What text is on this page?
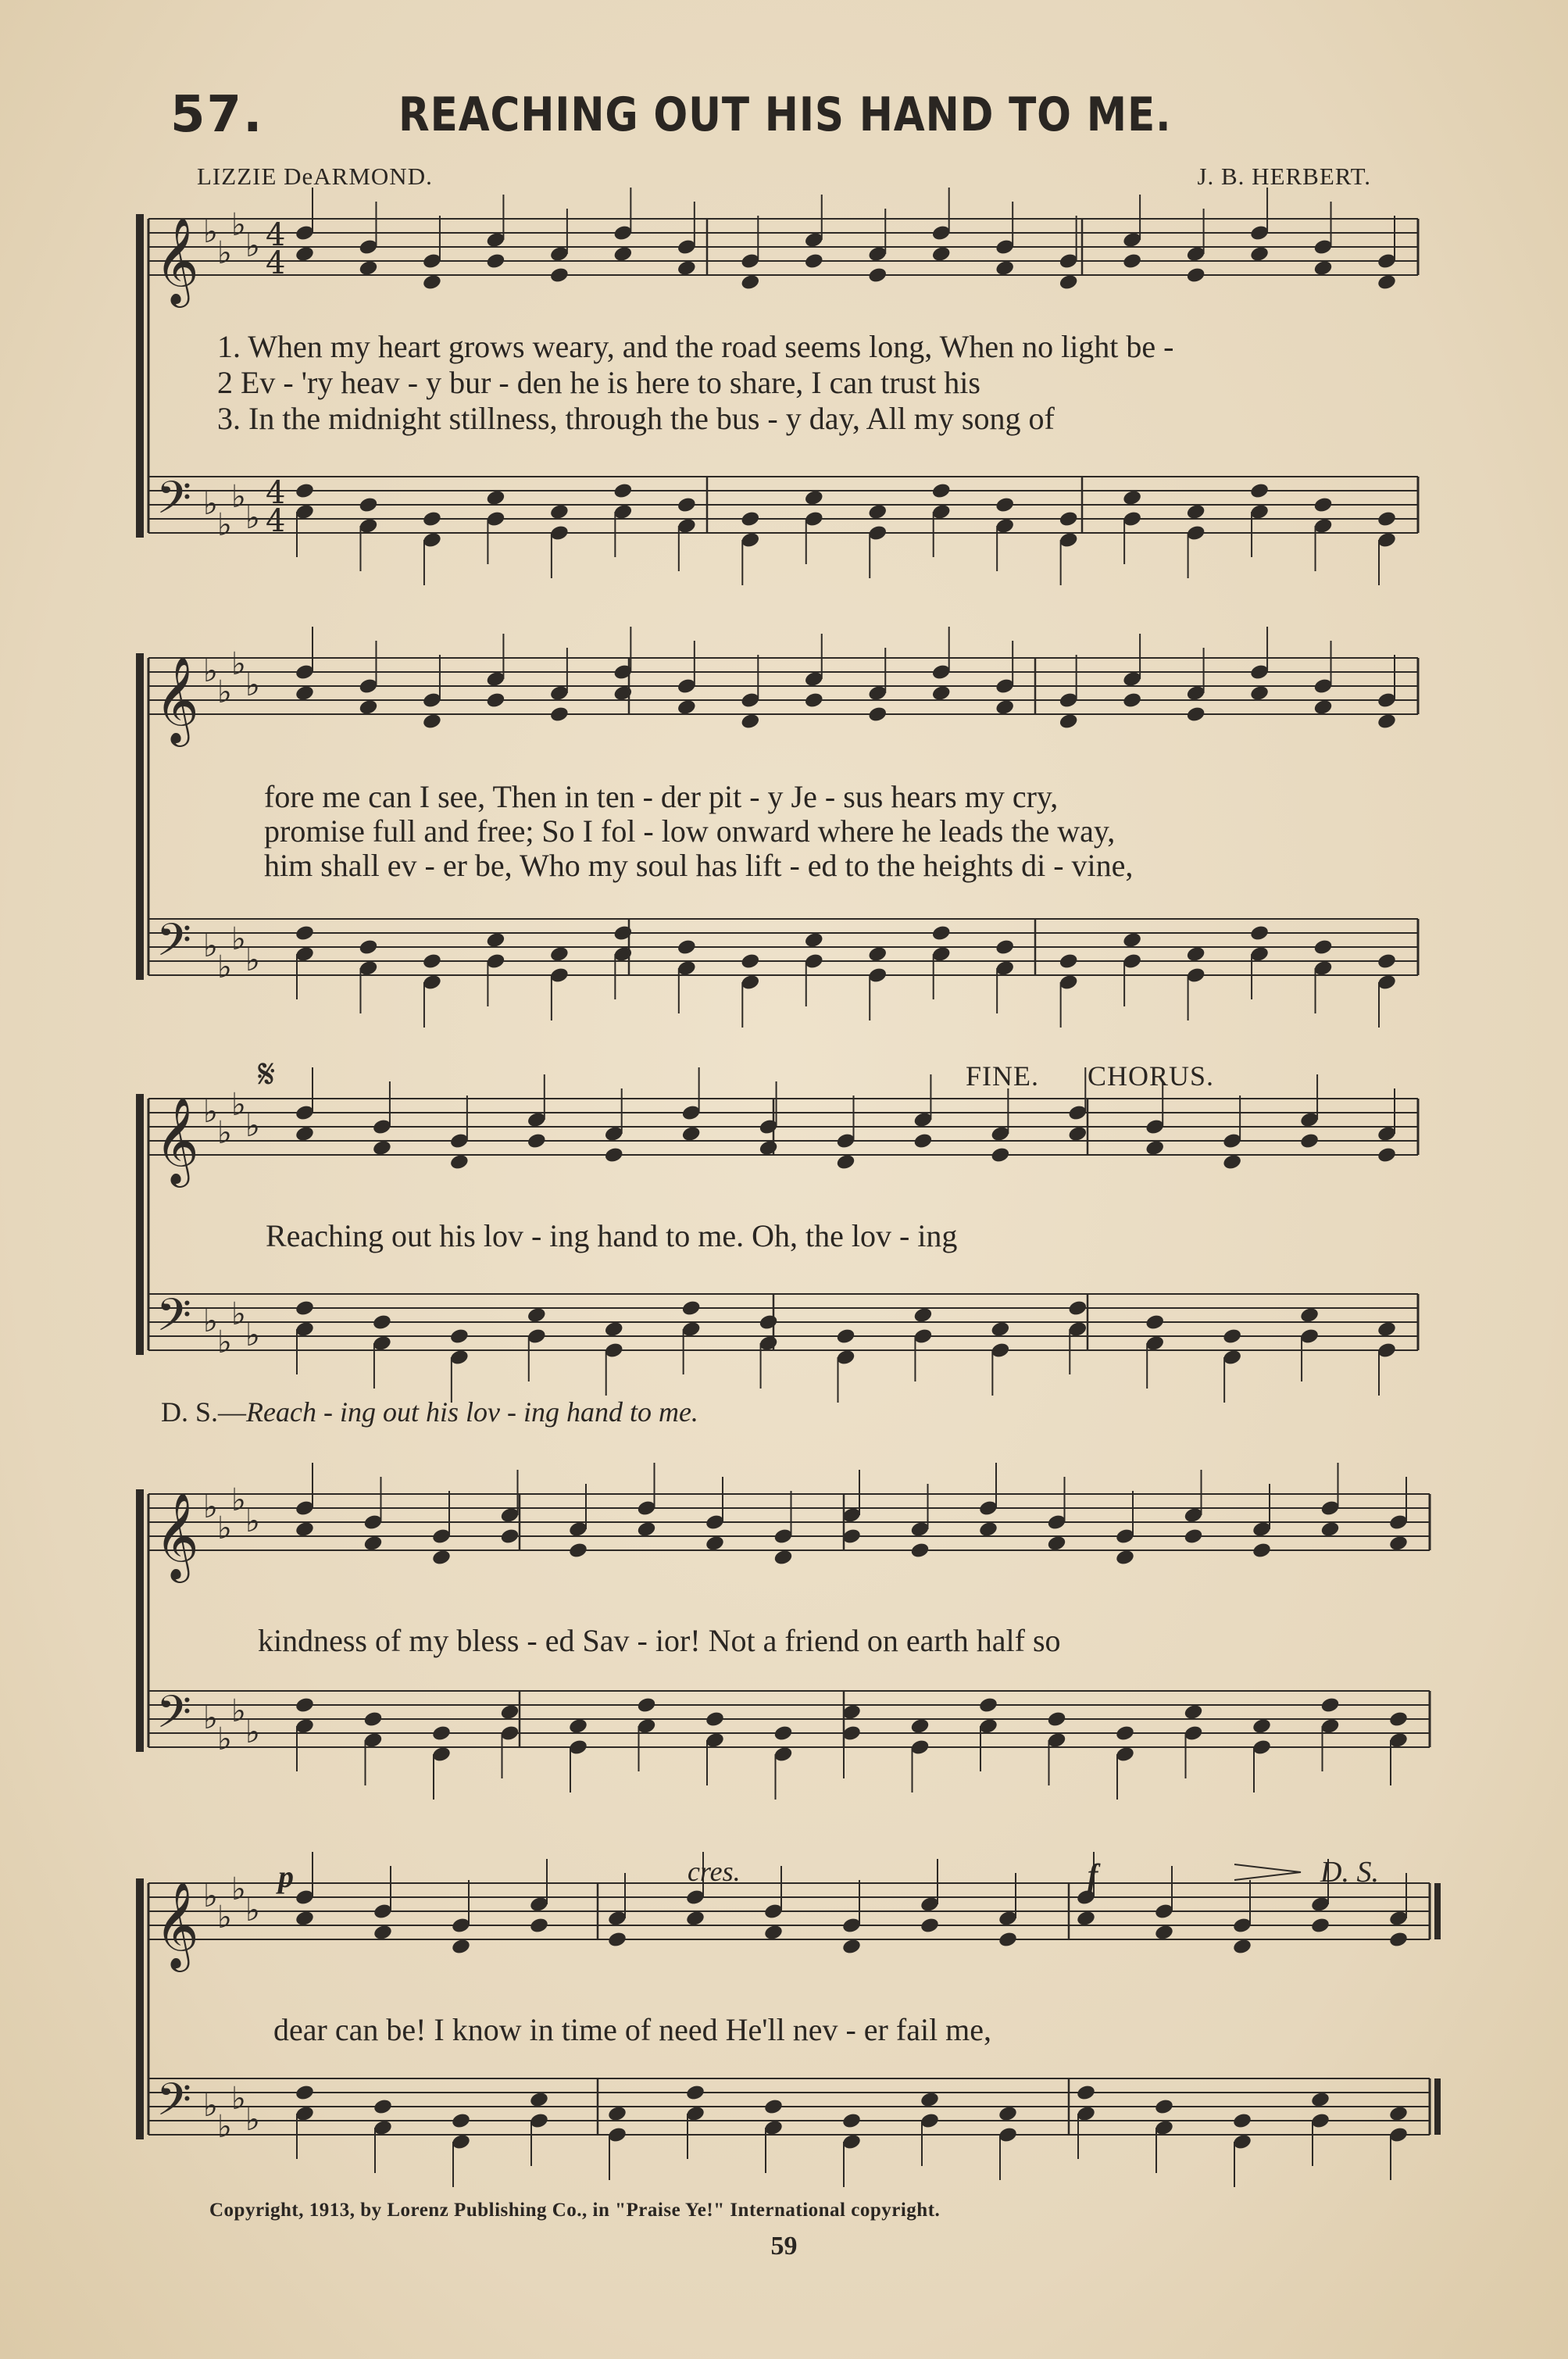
57.	REACHING OUT HIS HAND TO ME.
LIZZIE DeARMOND.	J. B. HERBERT.
𝄞 ♭
♭
♭
♭
𝄢 ♭
♭
♭
♭
4
4
4
4
𝄞 ♭
♭
♭
♭
𝄢 ♭
♭
♭
♭
𝄞 ♭
♭
♭
♭
𝄢 ♭
♭
♭
♭
𝄞 ♭
♭
♭
♭
𝄢 ♭
♭
♭
♭
𝄞 ♭
♭
♭
♭
𝄢 ♭
♭
♭
♭
𝄋
1. When my heart grows weary, and the road seems long, When no light be -
2 Ev - 'ry heav - y bur - den he is here to share, I can trust his
3. In the midnight stillness, through the bus - y day, All my song of
fore me can I see, Then in ten - der pit - y Je - sus hears my cry,
promise full and free; So I fol - low onward where he leads the way,
him shall ev - er be, Who my soul has lift - ed to the heights di - vine,
FINE. CHORUS.
Reaching out his lov - ing hand to me. Oh, the lov - ing
D. S.—Reach - ing out his lov - ing hand to me.
kindness of my bless - ed Sav - ior! Not a friend on earth half so
p	cres.	f	D. S.
dear can be! I know in time of need He'll nev - er fail me,
Copyright, 1913, by Lorenz Publishing Co., in "Praise Ye!" International copyright.
59
